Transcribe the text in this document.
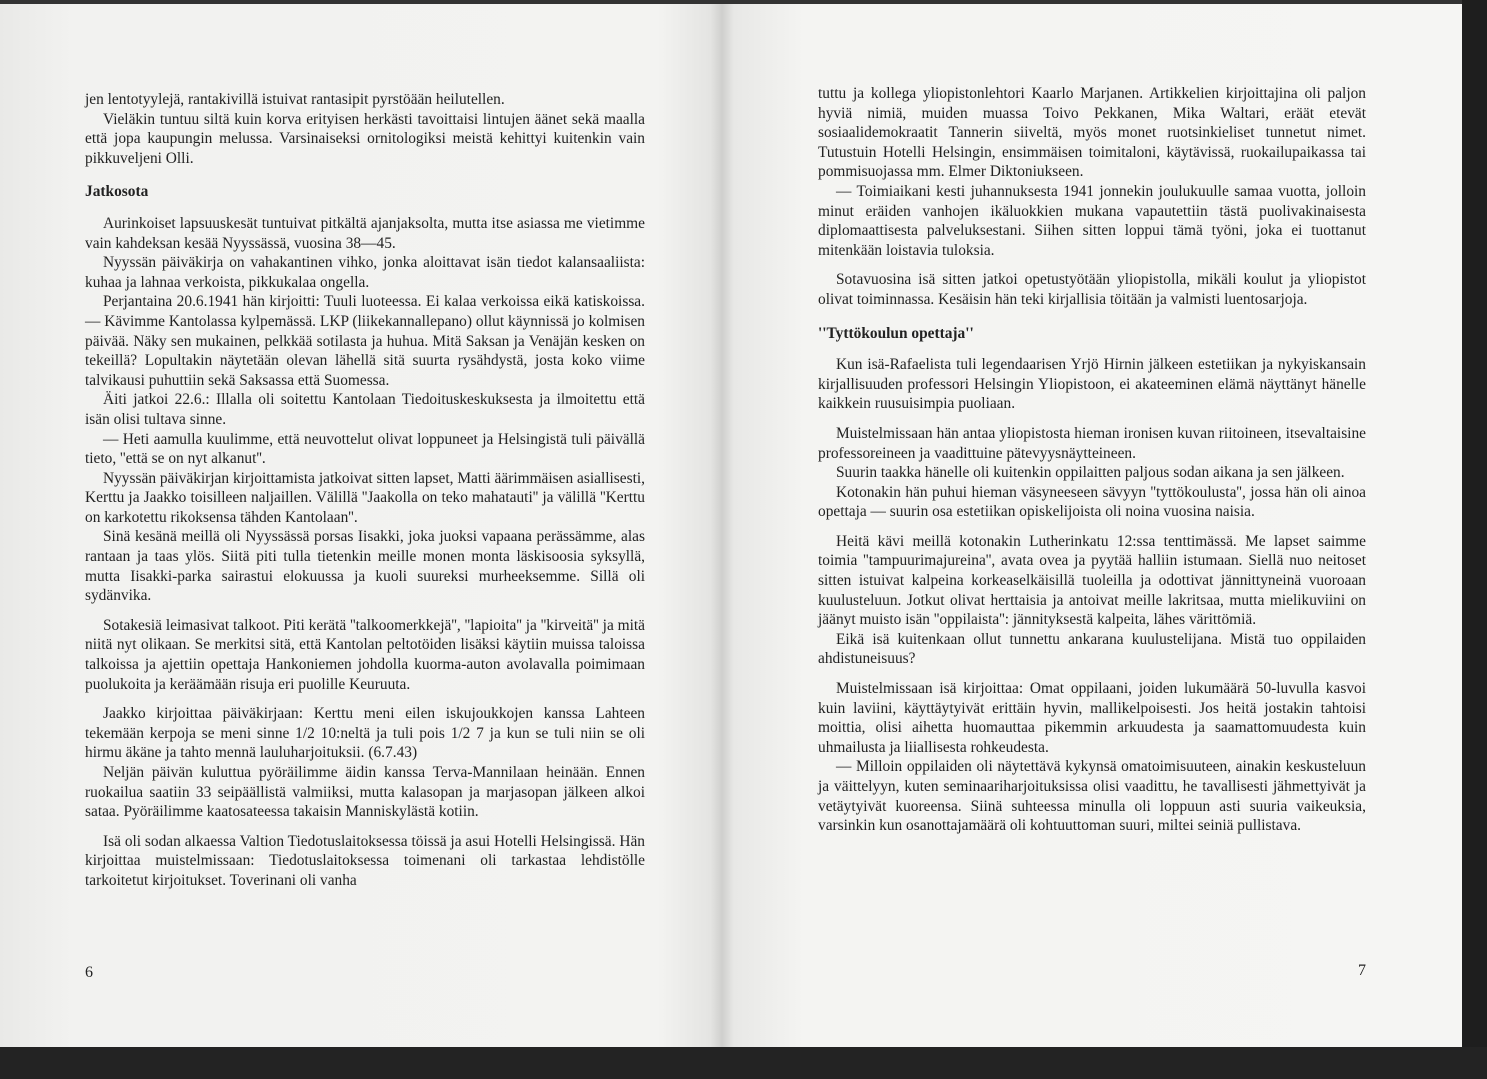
jen lentotyylejä, rantakivillä istuivat rantasipit pyrstöään heilutellen.

Vieläkin tuntuu siltä kuin korva erityisen herkästi tavoittaisi lintujen äänet sekä maalla että jopa kaupungin melussa. Varsinaiseksi ornitologiksi meistä kehittyi kuitenkin vain pikkuveljeni Olli.

Jatkosota

Aurinkoiset lapsuuskesät tuntuivat pitkältä ajanjaksolta, mutta itse asiassa me vietimme vain kahdeksan kesää Nyyssässä, vuosina 38—45.

Nyyssän päiväkirja on vahakantinen vihko, jonka aloittavat isän tiedot kalansaaliista: kuhaa ja lahnaa verkoista, pikkukalaa ongella.

Perjantaina 20.6.1941 hän kirjoitti: Tuuli luoteessa. Ei kalaa verkoissa eikä katiskoissa. — Kävimme Kantolassa kylpemässä. LKP (liikekannallepano) ollut käynnissä jo kolmisen päivää. Näky sen mukainen, pelkkää sotilasta ja huhua. Mitä Saksan ja Venäjän kesken on tekeillä? Lopultakin näytetään olevan lähellä sitä suurta rysähdystä, josta koko viime talvikausi puhuttiin sekä Saksassa että Suomessa.

Äiti jatkoi 22.6.: Illalla oli soitettu Kantolaan Tiedoituskeskuksesta ja ilmoitettu että isän olisi tultava sinne.

— Heti aamulla kuulimme, että neuvottelut olivat loppuneet ja Helsingistä tuli päivällä tieto, ''että se on nyt alkanut''.

Nyyssän päiväkirjan kirjoittamista jatkoivat sitten lapset, Matti äärimmäisen asiallisesti, Kerttu ja Jaakko toisilleen naljaillen. Välillä ''Jaakolla on teko mahatauti'' ja välillä ''Kerttu on karkotettu rikoksensa tähden Kantolaan''.

Sinä kesänä meillä oli Nyyssässä porsas Iisakki, joka juoksi vapaana perässämme, alas rantaan ja taas ylös. Siitä piti tulla tietenkin meille monen monta läskisoosia syksyllä, mutta Iisakki-parka sairastui elokuussa ja kuoli suureksi murheeksemme. Sillä oli sydänvika.

Sotakesiä leimasivat talkoot. Piti kerätä ''talkoomerkkejä'', ''lapioita'' ja ''kirveitä'' ja mitä niitä nyt olikaan. Se merkitsi sitä, että Kantolan peltotöiden lisäksi käytiin muissa taloissa talkoissa ja ajettiin opettaja Hankoniemen johdolla kuorma-auton avolavalla poimimaan puolukoita ja keräämään risuja eri puolille Keuruuta.

Jaakko kirjoittaa päiväkirjaan: Kerttu meni eilen iskujoukkojen kanssa Lahteen tekemään kerpoja se meni sinne 1/2 10:neltä ja tuli pois 1/2 7 ja kun se tuli niin se oli hirmu äkäne ja tahto mennä lauluharjoituksii. (6.7.43)

Neljän päivän kuluttua pyöräilimme äidin kanssa Terva-Mannilaan heinään. Ennen ruokailua saatiin 33 seipäällistä valmiiksi, mutta kalasopan ja marjasopan jälkeen alkoi sataa. Pyöräilimme kaatosateessa takaisin Manniskylästä kotiin.

Isä oli sodan alkaessa Valtion Tiedotuslaitoksessa töissä ja asui Hotelli Helsingissä. Hän kirjoittaa muistelmissaan: Tiedotuslaitoksessa toimenani oli tarkastaa lehdistölle tarkoitetut kirjoitukset. Toverinani oli vanha

6

tuttu ja kollega yliopistonlehtori Kaarlo Marjanen. Artikkelien kirjoittajina oli paljon hyviä nimiä, muiden muassa Toivo Pekkanen, Mika Waltari, eräät etevät sosiaalidemokraatit Tannerin siiveltä, myös monet ruotsinkieliset tunnetut nimet. Tutustuin Hotelli Helsingin, ensimmäisen toimitaloni, käytävissä, ruokailupaikassa tai pommisuojassa mm. Elmer Diktoniukseen.

— Toimiaikani kesti juhannuksesta 1941 jonnekin joulukuulle samaa vuotta, jolloin minut eräiden vanhojen ikäluokkien mukana vapautettiin tästä puolivakinaisesta diplomaattisesta palveluksestani. Siihen sitten loppui tämä työni, joka ei tuottanut mitenkään loistavia tuloksia.

Sotavuosina isä sitten jatkoi opetustyötään yliopistolla, mikäli koulut ja yliopistot olivat toiminnassa. Kesäisin hän teki kirjallisia töitään ja valmisti luentosarjoja.

''Tyttökoulun opettaja''

Kun isä-Rafaelista tuli legendaarisen Yrjö Hirnin jälkeen estetiikan ja nykyiskansain kirjallisuuden professori Helsingin Yliopistoon, ei akateeminen elämä näyttänyt hänelle kaikkein ruusuisimpia puoliaan.

Muistelmissaan hän antaa yliopistosta hieman ironisen kuvan riitoineen, itsevaltaisine professoreineen ja vaadittuine pätevyysnäytteineen.

Suurin taakka hänelle oli kuitenkin oppilaitten paljous sodan aikana ja sen jälkeen.

Kotonakin hän puhui hieman väsyneeseen sävyyn ''tyttökoulusta'', jossa hän oli ainoa opettaja — suurin osa estetiikan opiskelijoista oli noina vuosina naisia.

Heitä kävi meillä kotonakin Lutherinkatu 12:ssa tenttimässä. Me lapset saimme toimia ''tampuurimajureina'', avata ovea ja pyytää halliin istumaan. Siellä nuo neitoset sitten istuivat kalpeina korkeaselkäisillä tuoleilla ja odottivat jännittyneinä vuoroaan kuulusteluun. Jotkut olivat herttaisia ja antoivat meille lakritsaa, mutta mielikuviini on jäänyt muisto isän ''oppilaista'': jännityksestä kalpeita, lähes värittömiä.

Eikä isä kuitenkaan ollut tunnettu ankarana kuulustelijana. Mistä tuo oppilaiden ahdistuneisuus?

Muistelmissaan isä kirjoittaa: Omat oppilaani, joiden lukumäärä 50-luvulla kasvoi kuin laviini, käyttäytyivät erittäin hyvin, mallikelpoisesti. Jos heitä jostakin tahtoisi moittia, olisi aihetta huomauttaa pikemmin arkuudesta ja saamattomuudesta kuin uhmailusta ja liiallisesta rohkeudesta.

— Milloin oppilaiden oli näytettävä kykynsä omatoimisuuteen, ainakin keskusteluun ja väittelyyn, kuten seminaariharjoituksissa olisi vaadittu, he tavallisesti jähmettyivät ja vetäytyivät kuoreensa. Siinä suhteessa minulla oli loppuun asti suuria vaikeuksia, varsinkin kun osanottajamäärä oli kohtuuttoman suuri, miltei seiniä pullistava.

7
